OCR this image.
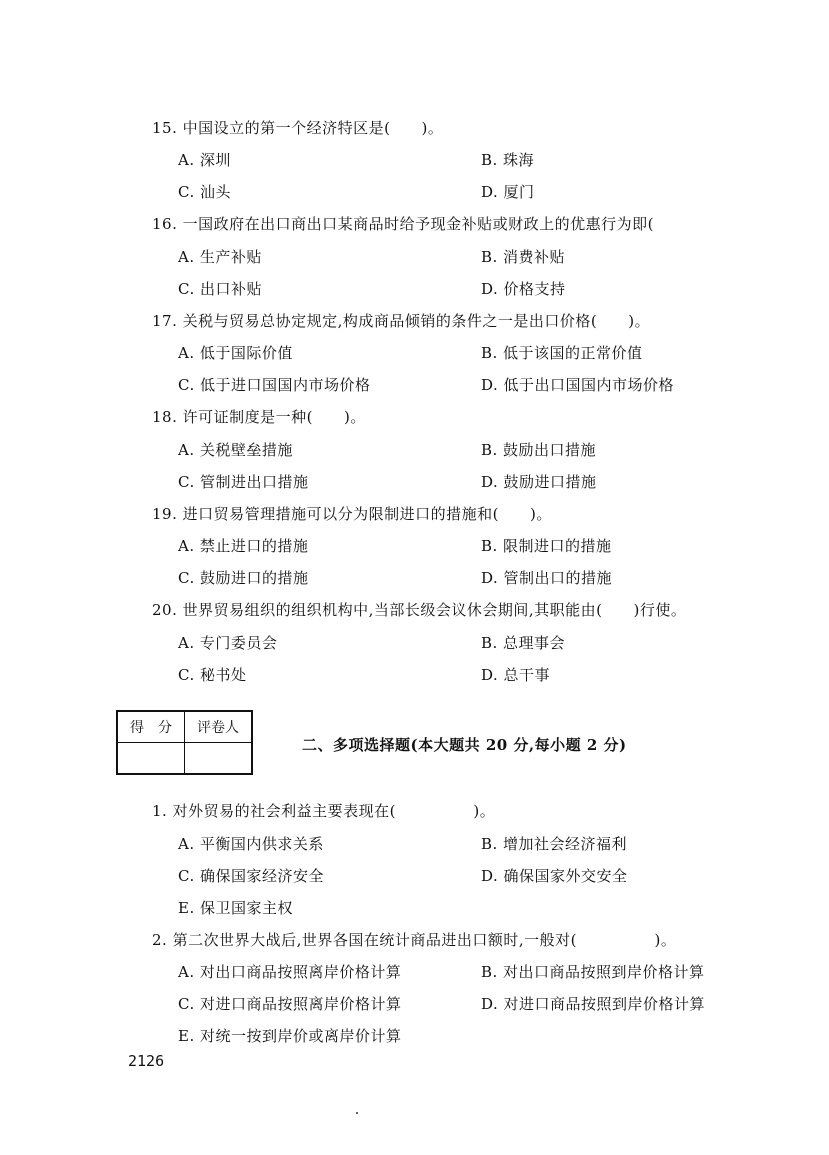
15. 中国设立的第一个经济特区是(　　)。
A. 深圳	B. 珠海
C. 汕头	D. 厦门
16. 一国政府在出口商出口某商品时给予现金补贴或财政上的优惠行为即(
A. 生产补贴	B. 消费补贴
C. 出口补贴	D. 价格支持
17. 关税与贸易总协定规定,构成商品倾销的条件之一是出口价格(　　)。
A. 低于国际价值	B. 低于该国的正常价值
C. 低于进口国国内市场价格	D. 低于出口国国内市场价格
18. 许可证制度是一种(　　)。
A. 关税壁垒措施	B. 鼓励出口措施
C. 管制进出口措施	D. 鼓励进口措施
19. 进口贸易管理措施可以分为限制进口的措施和(　　)。
A. 禁止进口的措施	B. 限制进口的措施
C. 鼓励进口的措施	D. 管制出口的措施
20. 世界贸易组织的组织机构中,当部长级会议休会期间,其职能由(　　)行使。
A. 专门委员会	B. 总理事会
C. 秘书处	D. 总干事
得　分	评卷人

二、多项选择题(本大题共 20 分,每小题 2 分)
1. 对外贸易的社会利益主要表现在(　　　　　)。
A. 平衡国内供求关系	B. 增加社会经济福利
C. 确保国家经济安全	D. 确保国家外交安全
E. 保卫国家主权
2. 第二次世界大战后,世界各国在统计商品进出口额时,一般对(　　　　　)。
A. 对出口商品按照离岸价格计算	B. 对出口商品按照到岸价格计算
C. 对进口商品按照离岸价格计算	D. 对进口商品按照到岸价格计算
E. 对统一按到岸价或离岸价计算
2126
